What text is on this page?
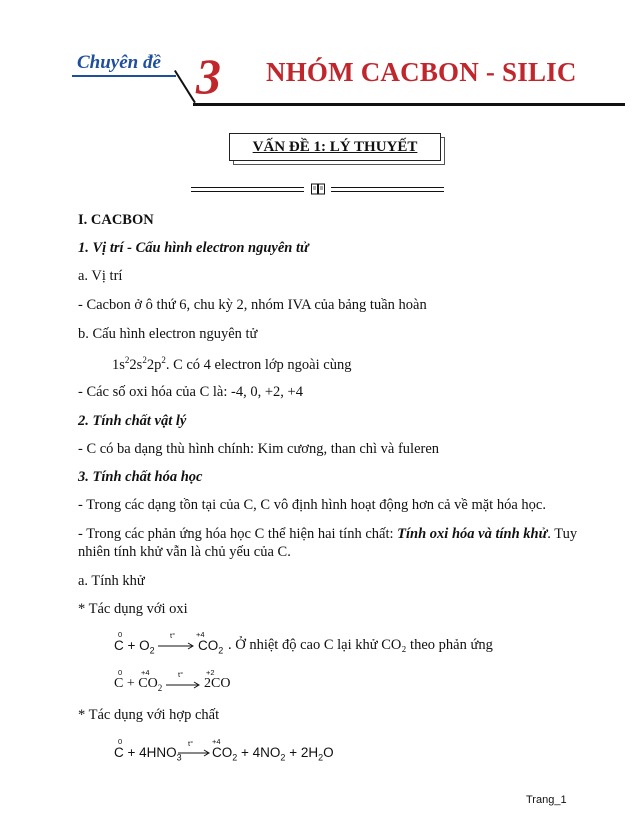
Chuyên đề 3 NHÓM CACBON - SILIC
VẤN ĐỀ 1: LÝ THUYẾT
I. CACBON
1. Vị trí - Cấu hình electron nguyên tử
a. Vị trí
- Cacbon ở ô thứ 6, chu kỳ 2, nhóm IVA của bảng tuần hoàn
b. Cấu hình electron nguyên tử
$1s^22s^22p^2$. C có 4 electron lớp ngoài cùng
- Các số oxi hóa của C là: -4, 0, +2, +4
2. Tính chất vật lý
- C có ba dạng thù hình chính: Kim cương, than chì và fuleren
3. Tính chất hóa học
- Trong các dạng tồn tại của C, C vô định hình hoạt động hơn cả về mặt hóa học.
- Trong các phản ứng hóa học C thể hiện hai tính chất: Tính oxi hóa và tính khử. Tuy
nhiên tính khử vẫn là chủ yếu của C.
a. Tính khử
* Tác dụng với oxi
0	+4
$C + O_2$
t°
$CO_2$ . Ở nhiệt độ cao C lại khử CO₂ theo phản ứng
0	+4	+2
$C + CO_2$
t°
2CO
* Tác dụng với hợp chất
0	+4
$C + 4HNO_3$
t°
$CO_2 + 4NO_2 + 2H_2O$
Trang_1
